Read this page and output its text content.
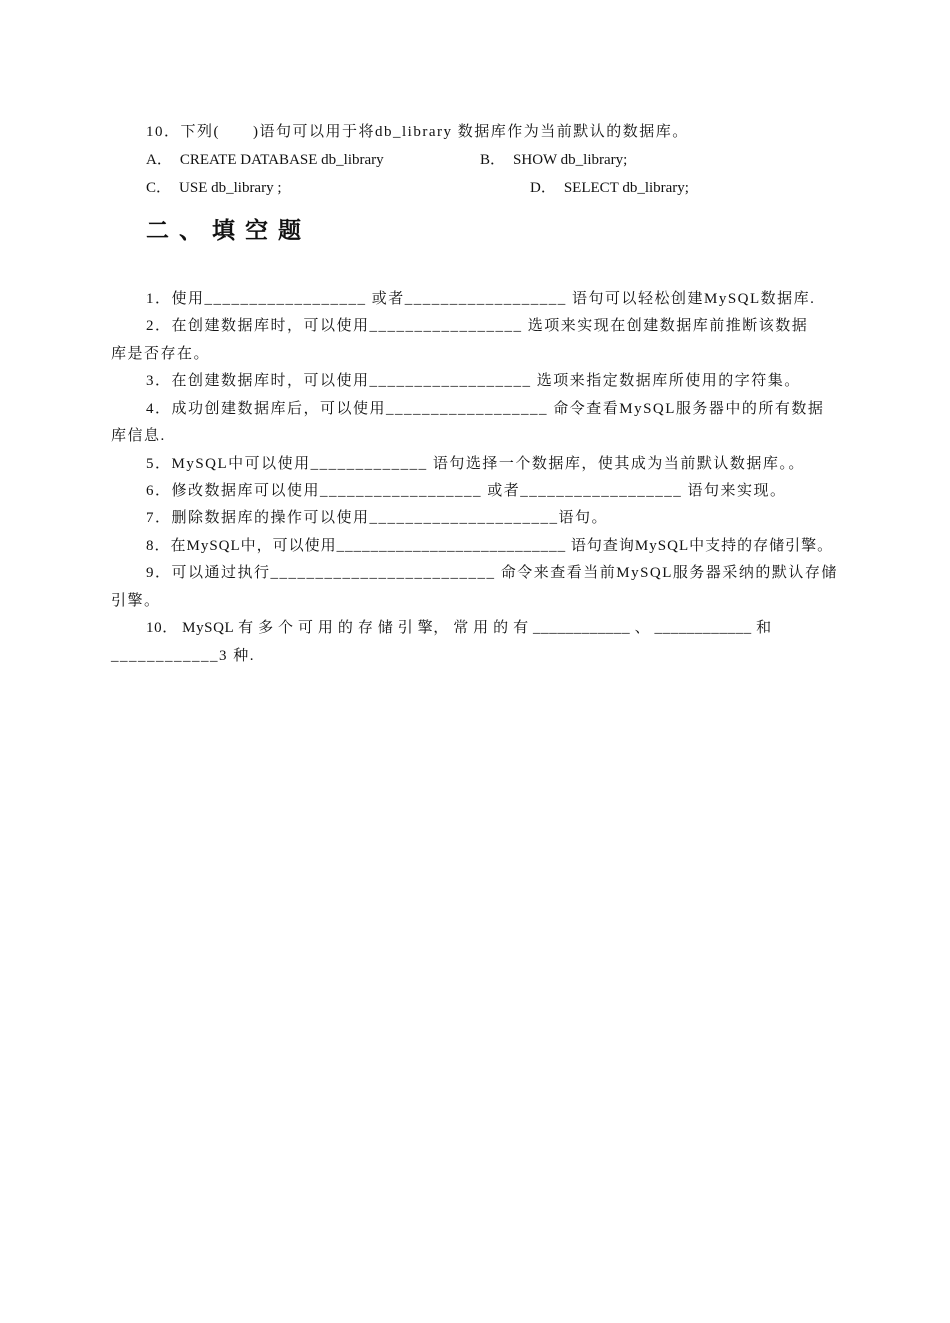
10．下列(　　)语句可以用于将db_library 数据库作为当前默认的数据库。
A． CREATE DATABASE db_library	B． SHOW db_library;
C． USE db_library ;	D． SELECT db_library;
二、填空题
1．使用__________________ 或者__________________ 语句可以轻松创建MySQL数据库.
2．在创建数据库时，可以使用_________________ 选项来实现在创建数据库前推断该数据
库是否存在。
3．在创建数据库时，可以使用__________________ 选项来指定数据库所使用的字符集。
4．成功创建数据库后，可以使用__________________ 命令查看MySQL服务器中的所有数据
库信息.
5．MySQL中可以使用_____________ 语句选择一个数据库，使其成为当前默认数据库。。
6．修改数据库可以使用__________________ 或者__________________ 语句来实现。
7．删除数据库的操作可以使用_____________________语句。
8．在MySQL中，可以使用___________________________ 语句查询MySQL中支持的存储引擎。
9．可以通过执行_________________________ 命令来查看当前MySQL服务器采纳的默认存储
引擎。
10． MySQL 有 多 个 可 用 的 存 储 引 擎， 常 用 的 有 ____________ 、 ____________ 和
____________3 种.
